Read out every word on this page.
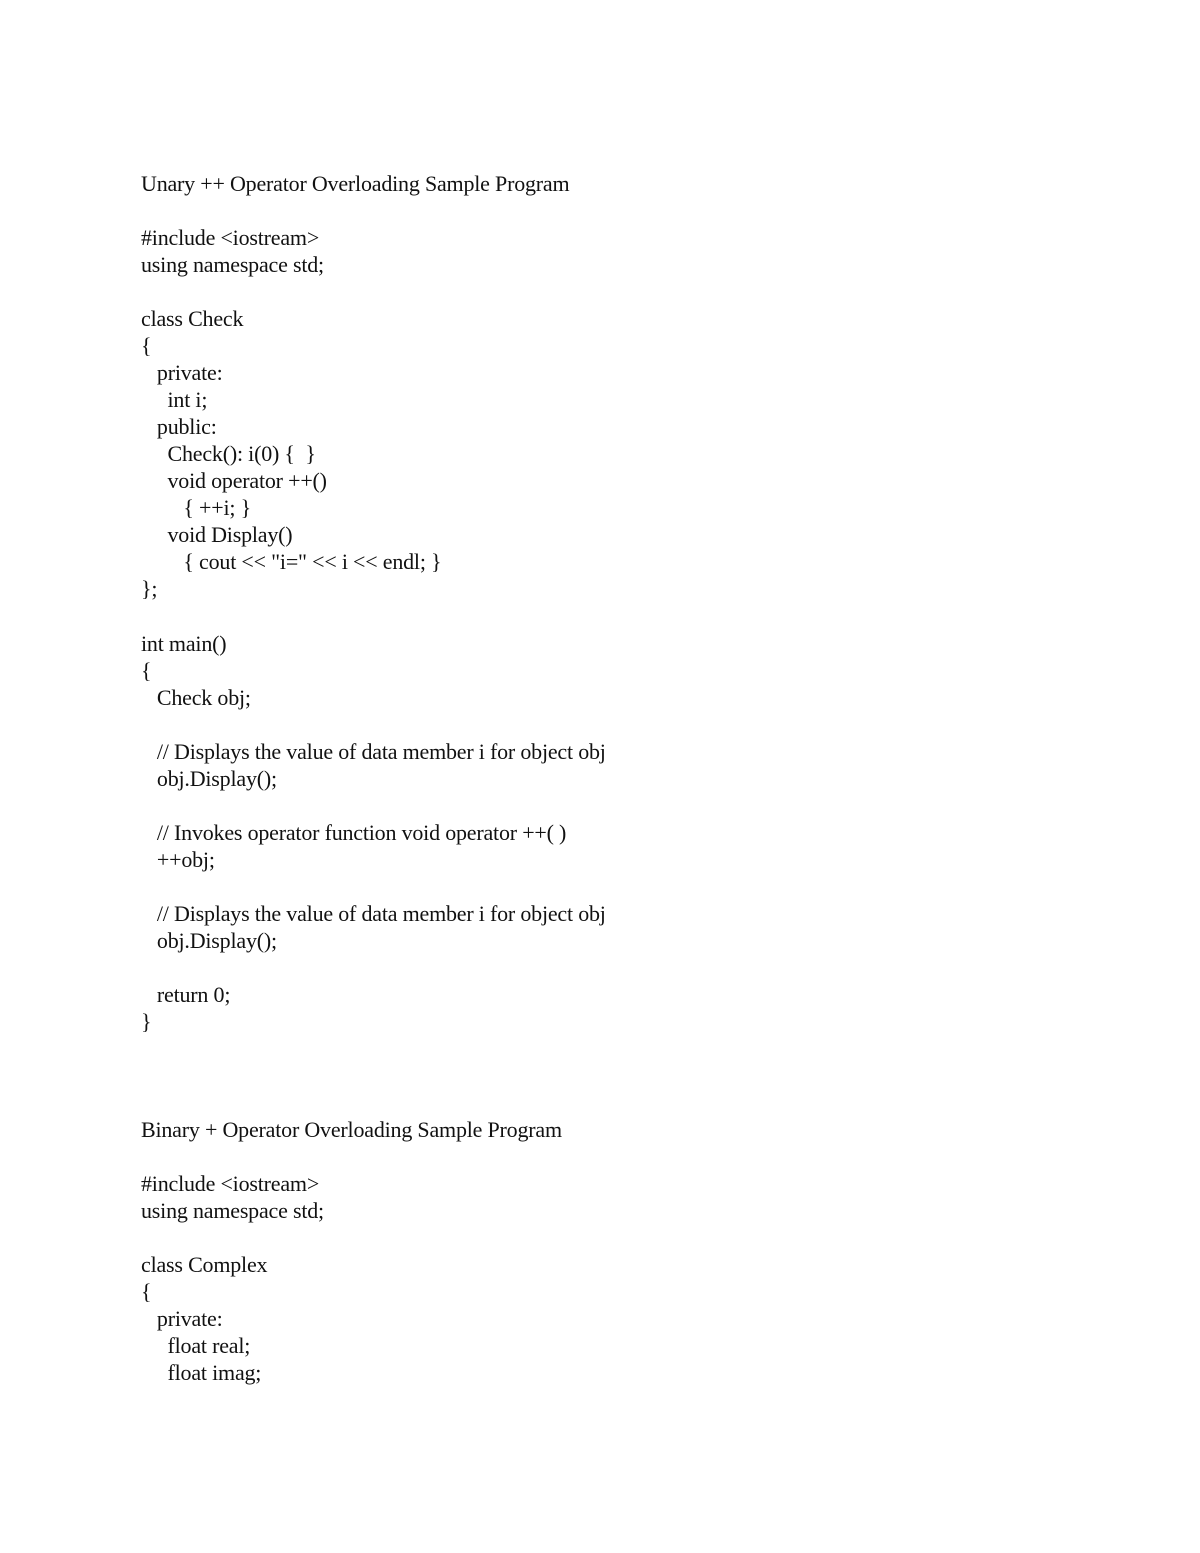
Unary ++ Operator Overloading Sample Program
#include <iostream>
using namespace std;
class Check
{
private:
int i;
public:
Check(): i(0) {  }
void operator ++()
{ ++i; }
void Display()
{ cout << "i=" << i << endl; }
};
int main()
{
Check obj;
// Displays the value of data member i for object obj
obj.Display();
// Invokes operator function void operator ++( )
++obj;
// Displays the value of data member i for object obj
obj.Display();
return 0;
}
Binary + Operator Overloading Sample Program
#include <iostream>
using namespace std;
class Complex
{
private:
float real;
float imag;
